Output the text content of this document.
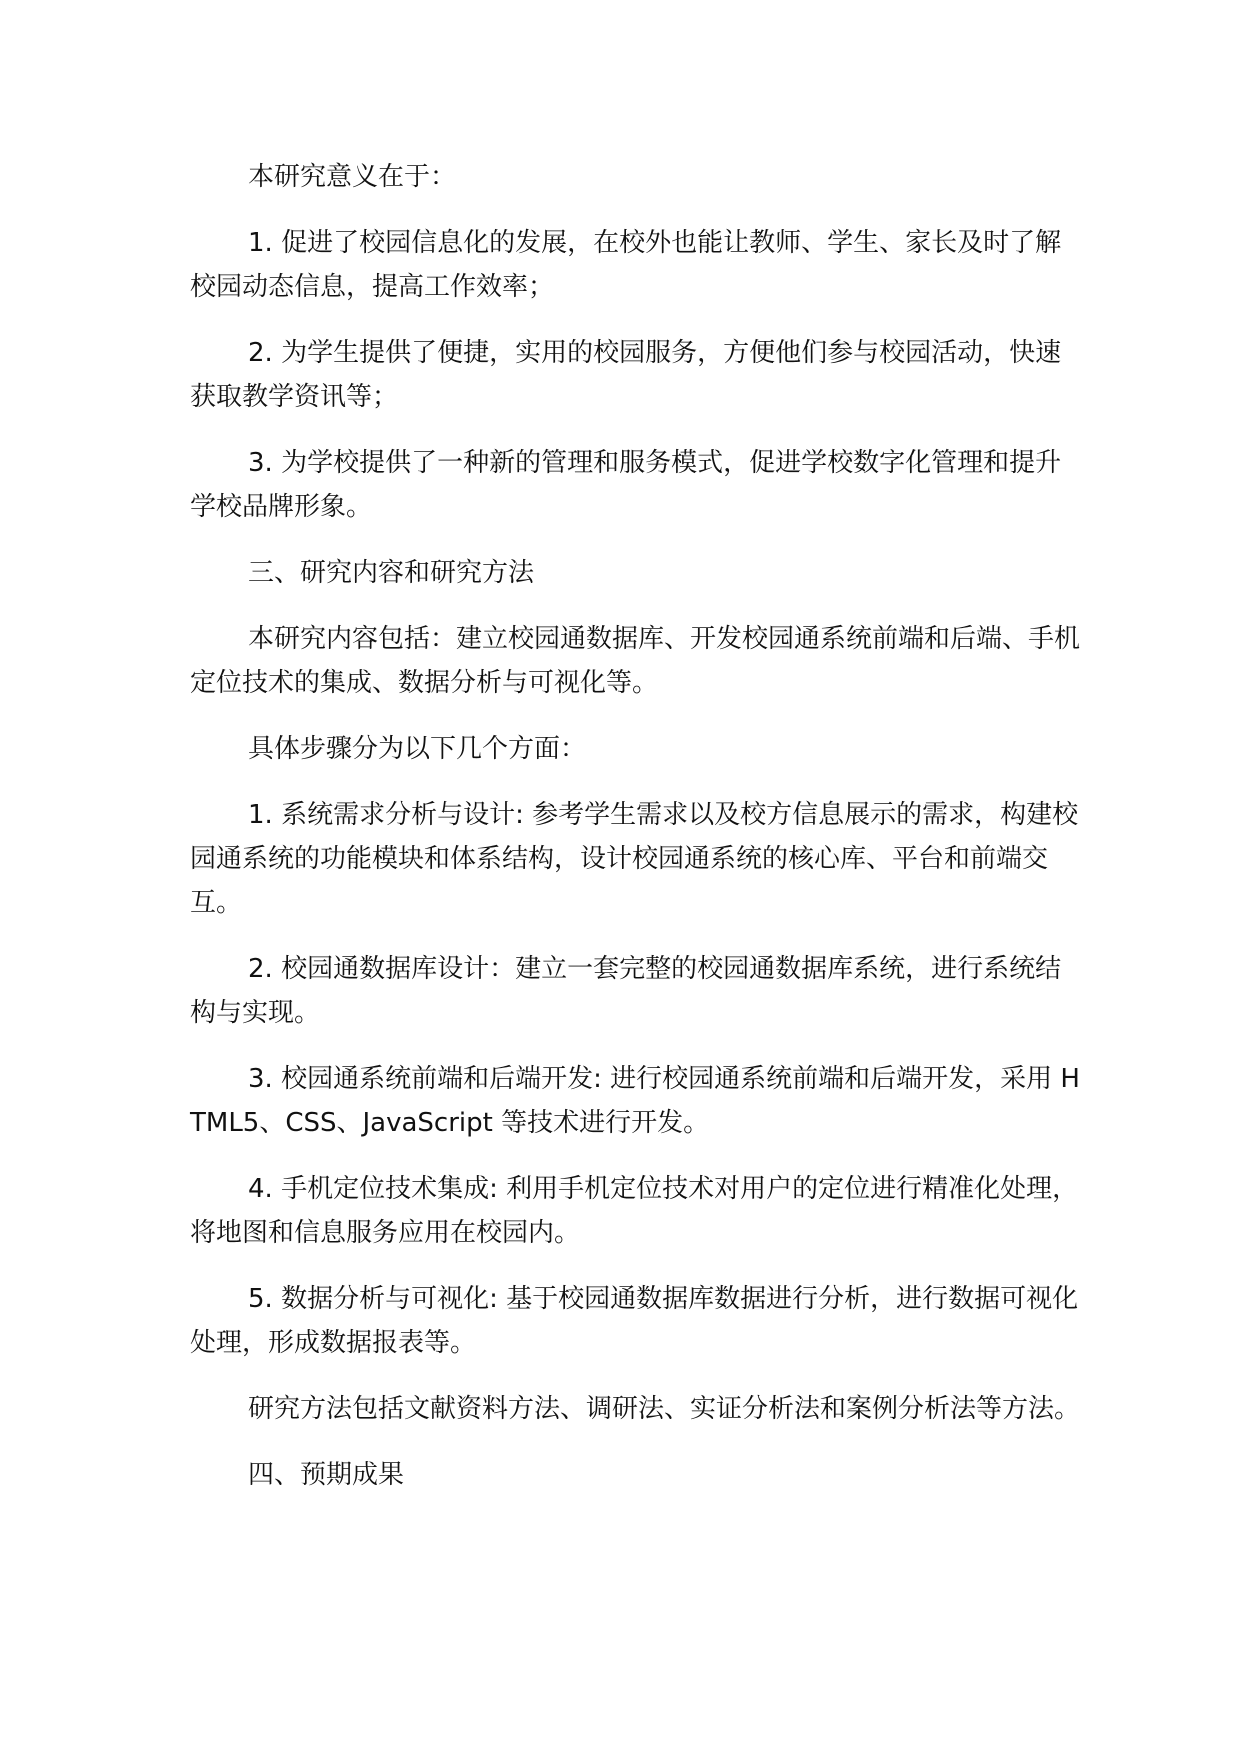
本研究意义在于：

1. 促进了校园信息化的发展，在校外也能让教师、学生、家长及时了解校园动态信息，提高工作效率；

2. 为学生提供了便捷，实用的校园服务，方便他们参与校园活动，快速获取教学资讯等；

3. 为学校提供了一种新的管理和服务模式，促进学校数字化管理和提升学校品牌形象。

三、研究内容和研究方法

本研究内容包括：建立校园通数据库、开发校园通系统前端和后端、手机定位技术的集成、数据分析与可视化等。

具体步骤分为以下几个方面：

1. 系统需求分析与设计: 参考学生需求以及校方信息展示的需求，构建校园通系统的功能模块和体系结构，设计校园通系统的核心库、平台和前端交互。

2. 校园通数据库设计：建立一套完整的校园通数据库系统，进行系统结构与实现。

3. 校园通系统前端和后端开发: 进行校园通系统前端和后端开发，采用 HTML5、CSS、JavaScript 等技术进行开发。

4. 手机定位技术集成: 利用手机定位技术对用户的定位进行精准化处理，将地图和信息服务应用在校园内。

5. 数据分析与可视化: 基于校园通数据库数据进行分析，进行数据可视化处理，形成数据报表等。

研究方法包括文献资料方法、调研法、实证分析法和案例分析法等方法。

四、预期成果
